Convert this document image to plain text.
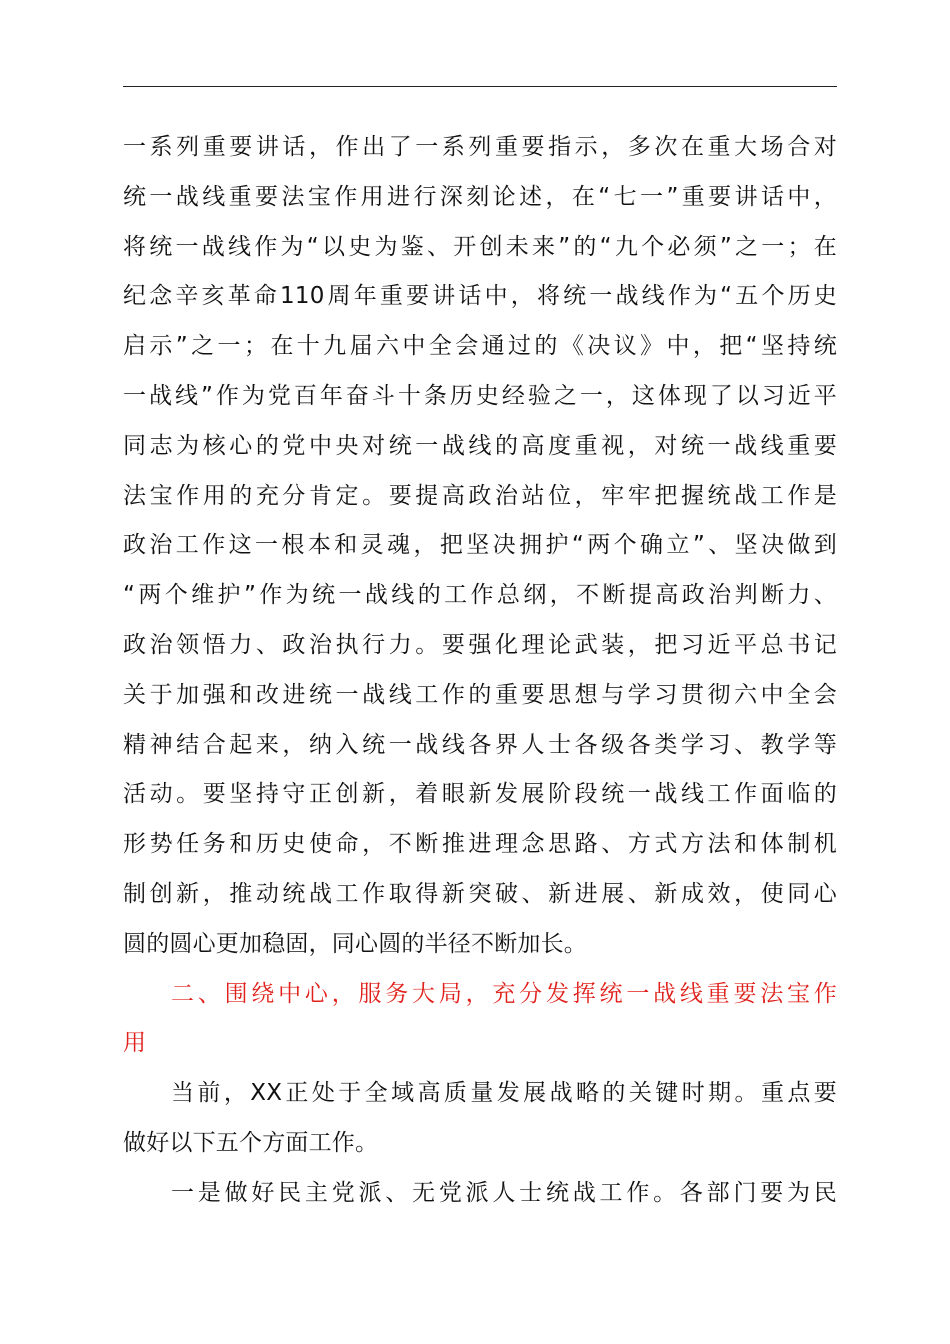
一系列重要讲话，作出了一系列重要指示，多次在重大场合对
统一战线重要法宝作用进行深刻论述，在“七一”重要讲话中，
将统一战线作为“以史为鉴、开创未来”的“九个必须”之一；在
纪念辛亥革命110周年重要讲话中，将统一战线作为“五个历史
启示”之一；在十九届六中全会通过的《决议》中，把“坚持统
一战线”作为党百年奋斗十条历史经验之一，这体现了以习近平
同志为核心的党中央对统一战线的高度重视，对统一战线重要
法宝作用的充分肯定。要提高政治站位，牢牢把握统战工作是
政治工作这一根本和灵魂，把坚决拥护“两个确立”、坚决做到
“两个维护”作为统一战线的工作总纲，不断提高政治判断力、
政治领悟力、政治执行力。要强化理论武装，把习近平总书记
关于加强和改进统一战线工作的重要思想与学习贯彻六中全会
精神结合起来，纳入统一战线各界人士各级各类学习、教学等
活动。要坚持守正创新，着眼新发展阶段统一战线工作面临的
形势任务和历史使命，不断推进理念思路、方式方法和体制机
制创新，推动统战工作取得新突破、新进展、新成效，使同心
圆的圆心更加稳固，同心圆的半径不断加长。
二、围绕中心，服务大局，充分发挥统一战线重要法宝作
用
当前，XX正处于全域高质量发展战略的关键时期。重点要
做好以下五个方面工作。
一是做好民主党派、无党派人士统战工作。各部门要为民
